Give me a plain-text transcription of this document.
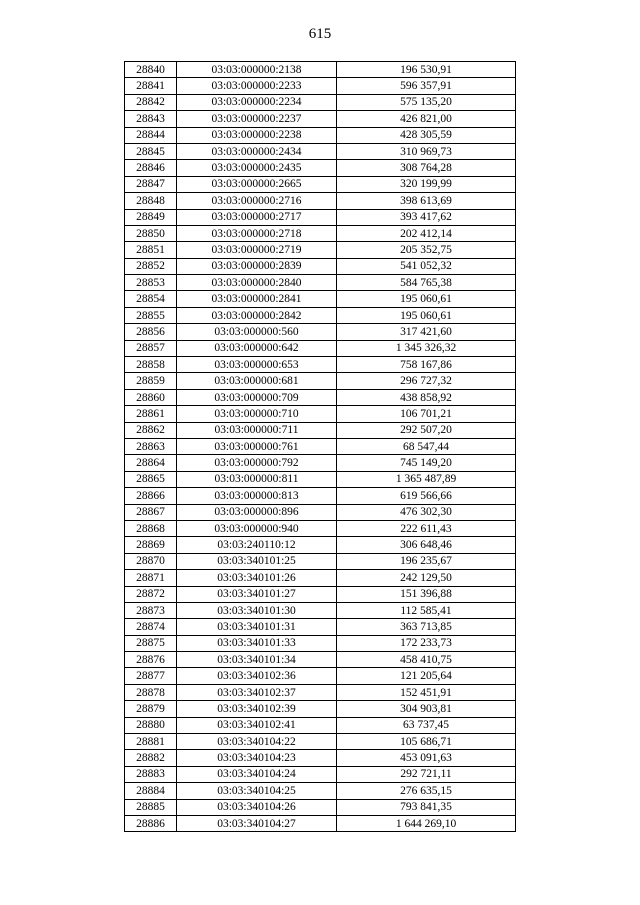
615
28840	03:03:000000:2138	196 530,91
28841	03:03:000000:2233	596 357,91
28842	03:03:000000:2234	575 135,20
28843	03:03:000000:2237	426 821,00
28844	03:03:000000:2238	428 305,59
28845	03:03:000000:2434	310 969,73
28846	03:03:000000:2435	308 764,28
28847	03:03:000000:2665	320 199,99
28848	03:03:000000:2716	398 613,69
28849	03:03:000000:2717	393 417,62
28850	03:03:000000:2718	202 412,14
28851	03:03:000000:2719	205 352,75
28852	03:03:000000:2839	541 052,32
28853	03:03:000000:2840	584 765,38
28854	03:03:000000:2841	195 060,61
28855	03:03:000000:2842	195 060,61
28856	03:03:000000:560	317 421,60
28857	03:03:000000:642	1 345 326,32
28858	03:03:000000:653	758 167,86
28859	03:03:000000:681	296 727,32
28860	03:03:000000:709	438 858,92
28861	03:03:000000:710	106 701,21
28862	03:03:000000:711	292 507,20
28863	03:03:000000:761	68 547,44
28864	03:03:000000:792	745 149,20
28865	03:03:000000:811	1 365 487,89
28866	03:03:000000:813	619 566,66
28867	03:03:000000:896	476 302,30
28868	03:03:000000:940	222 611,43
28869	03:03:240110:12	306 648,46
28870	03:03:340101:25	196 235,67
28871	03:03:340101:26	242 129,50
28872	03:03:340101:27	151 396,88
28873	03:03:340101:30	112 585,41
28874	03:03:340101:31	363 713,85
28875	03:03:340101:33	172 233,73
28876	03:03:340101:34	458 410,75
28877	03:03:340102:36	121 205,64
28878	03:03:340102:37	152 451,91
28879	03:03:340102:39	304 903,81
28880	03:03:340102:41	63 737,45
28881	03:03:340104:22	105 686,71
28882	03:03:340104:23	453 091,63
28883	03:03:340104:24	292 721,11
28884	03:03:340104:25	276 635,15
28885	03:03:340104:26	793 841,35
28886	03:03:340104:27	1 644 269,10
